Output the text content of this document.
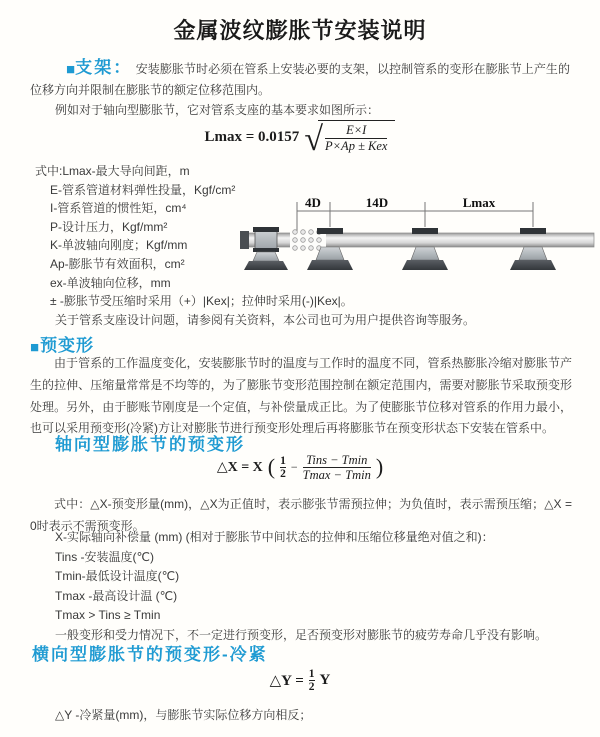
金属波纹膨胀节安装说明
■支架： 安装膨胀节时必须在管系上安装必要的支架，以控制管系的变形在膨胀节上产生的位移方向并限制在膨胀节的额定位移范围内。
例如对于轴向型膨胀节，它对管系支座的基本要求如图所示：
Lmax = 0.0157 √ $\frac{E\times I}{\text{P×Ap ± Kex}}$
式中:Lmax-最大导向间距，m
E-管系管道材料弹性投量，Kgf/cm²
I-管系管道的惯性矩，cm⁴
P-设计压力，Kgf/mm²
K-单波轴向刚度；Kgf/mm
Ap-膨胀节有效面积，cm²
ex-单波轴向位移，mm
± -膨胀节受压缩时采用（+）|Kex|；拉伸时采用(-)|Kex|。
关于管系支座设计问题，请参阅有关资料，本公司也可为用户提供咨询等服务。
4D	14D	Lmax
■预变形
由于管系的工作温度变化，安装膨胀节时的温度与工作时的温度不同，管系热膨胀冷缩对膨胀节产生的拉伸、压缩量常常是不均等的，为了膨胀节变形范围控制在额定范围内，需要对膨胀节采取预变形处理。另外，由于膨账节刚度是一个定值，与补偿量成正比。为了使膨胀节位移对管系的作用力最小，也可以采用预变形(冷紧)方让对膨胀节进行预变形处理后再将膨胀节在预变形状态下安装在管系中。
轴向型膨胀节的预变形
△X = X ( $\frac{1}{2} - \frac{\text{Tins − Tmin}}{Tmax - Tmin}$ )
式中：△X-预变形量(mm)，△X为正值时，表示膨张节需预拉伸；为负值时，表示需预压缩；△X = 0时表示不需预变形。
X-实际轴向补偿量 (mm) (相对于膨胀节中间状态的拉伸和压缩位移量绝对值之和)：
Tins -安装温度(℃)
Tmin-最低设计温度(℃)
Tmax -最高设计温 (℃)
Tmax > Tins ≥ Tmin
一般变形和受力情况下，不一定进行预变形，足否预变形对膨胀节的疲劳寿命几乎没有影响。
横向型膨胀节的预变形-冷紧
△Y = $\frac{1}{2}$ Y
△Y -冷紧量(mm)，与膨胀节实际位移方向相反；
